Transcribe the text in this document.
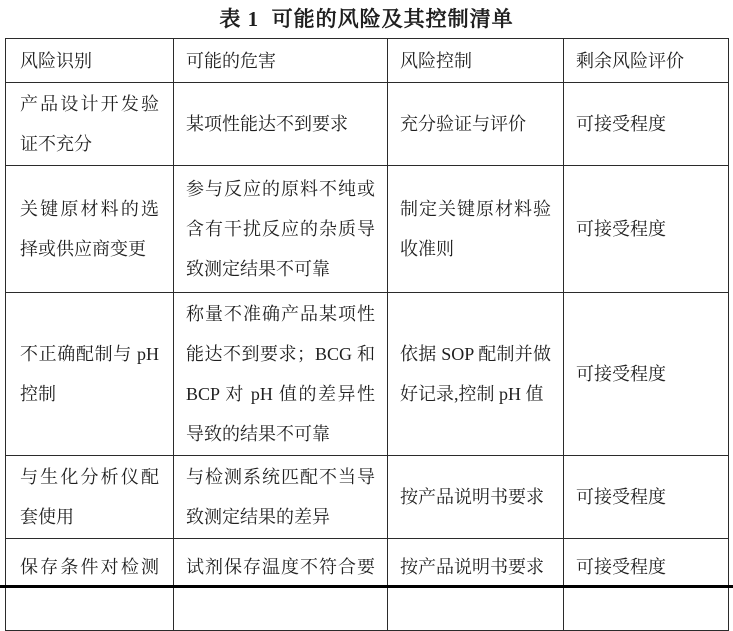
表 1  可能的风险及其控制清单
风险识别	可能的危害	风险控制	剩余风险评价
产品设计开发验证不充分	某项性能达不到要求	充分验证与评价	可接受程度
关键原材料的选择或供应商变更	参与反应的原料不纯或含有干扰反应的杂质导致测定结果不可靠	制定关键原材料验收准则	可接受程度
不正确配制与 pH 控制	称量不准确产品某项性能达不到要求；BCG 和 BCP 对 pH 值的差异性导致的结果不可靠	依据 SOP 配制并做好记录,控制 pH 值	可接受程度
与生化分析仪配套使用	与检测系统匹配不当导致测定结果的差异	按产品说明书要求	可接受程度
保存条件对检测	试剂保存温度不符合要	按产品说明书要求	可接受程度
